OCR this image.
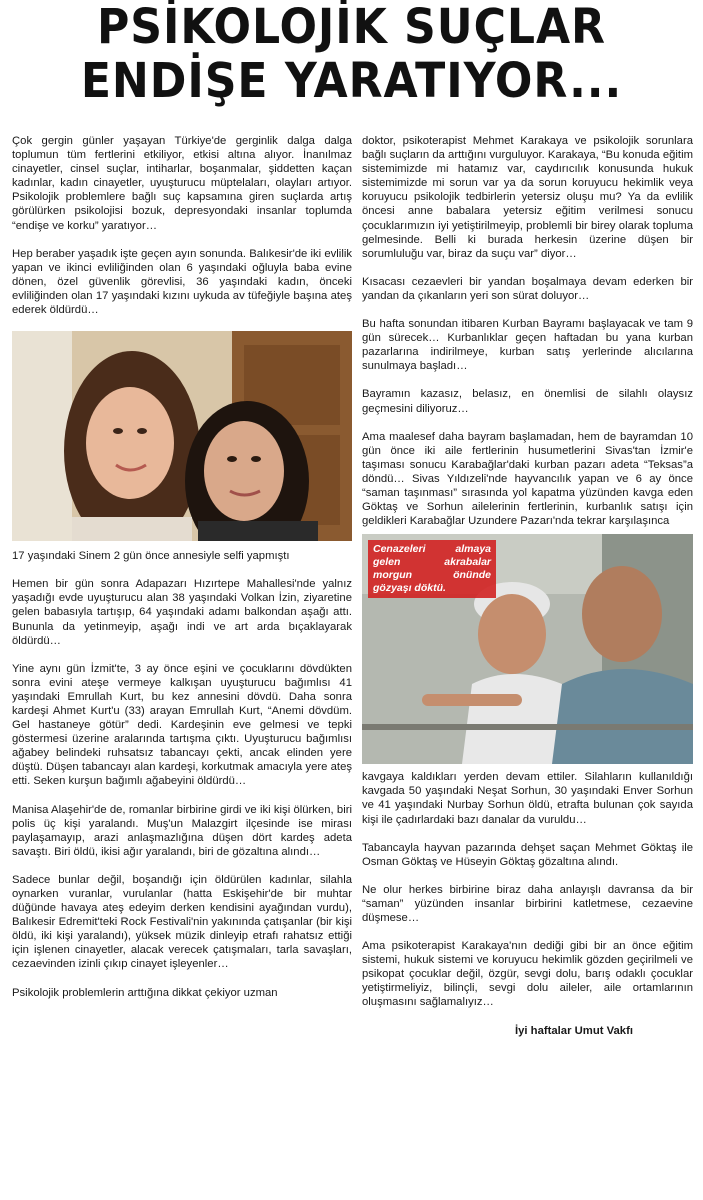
PSİKOLOJİK SUÇLAR
ENDİŞE YARATIYOR...

Çok gergin günler yaşayan Türkiye'de gerginlik dalga dalga toplumun tüm fertlerini etkiliyor, etkisi altına alıyor. İnanılmaz cinayetler, cinsel suçlar, intiharlar, boşanmalar, şiddetten kaçan kadınlar, kadın cinayetler, uyuşturucu müptelaları, olayları artıyor. Psikolojik problemlere bağlı suç kapsamına giren suçlarda artış görülürken psikolojisi bozuk, depresyondaki insanlar toplumda “endişe ve korku” yaratıyor…

Hep beraber yaşadık işte geçen ayın sonunda. Balıkesir'de iki evlilik yapan ve ikinci evliliğinden olan 6 yaşındaki oğluyla baba evine dönen, özel güvenlik görevlisi, 36 yaşındaki kadın, önceki evliliğinden olan 17 yaşındaki kızını uykuda av tüfeğiyle başına ateş ederek öldürdü…

17 yaşındaki Sinem 2 gün önce annesiyle selfi yapmıştı

Hemen bir gün sonra Adapazarı Hızırtepe Mahallesi'nde yalnız yaşadığı evde uyuşturucu alan 38 yaşındaki Volkan İzin, ziyaretine gelen babasıyla tartışıp, 64 yaşındaki adamı balkondan aşağı attı. Bununla da yetinmeyip, aşağı indi ve art arda bıçaklayarak öldürdü…

Yine aynı gün İzmit'te, 3 ay önce eşini ve çocuklarını dövdükten sonra evini ateşe vermeye kalkışan uyuşturucu bağımlısı 41 yaşındaki Emrullah Kurt, bu kez annesini dövdü. Daha sonra kardeşi Ahmet Kurt'u (33) arayan Emrullah Kurt, “Anemi dövdüm. Gel hastaneye götür” dedi. Kardeşinin eve gelmesi ve tepki göstermesi üzerine aralarında tartışma çıktı. Uyuşturucu bağımlısı ağabey belindeki ruhsatsız tabancayı çekti, ancak elinden yere düştü. Düşen tabancayı alan kardeşi, korkutmak amacıyla yere ateş etti. Seken kurşun bağımlı ağabeyini öldürdü…

Manisa Alaşehir'de de, romanlar birbirine girdi ve iki kişi ölürken, biri polis üç kişi yaralandı. Muş'un Malazgirt ilçesinde ise mirası paylaşamayıp, arazi anlaşmazlığına düşen dört kardeş adeta savaştı. Biri öldü, ikisi ağır yaralandı, biri de gözaltına alındı…

Sadece bunlar değil, boşandığı için öldürülen kadınlar, silahla oynarken vuranlar, vurulanlar (hatta Eskişehir'de bir muhtar düğünde havaya ateş edeyim derken kendisini ayağından vurdu), Balıkesir Edremit'teki Rock Festivali'nin yakınında çatışanlar (bir kişi öldü, iki kişi yaralandı), yüksek müzik dinleyip etrafı rahatsız ettiği için işlenen cinayetler, alacak verecek çatışmaları, tarla savaşları, cezaevinden izinli çıkıp cinayet işleyenler…

Psikolojik problemlerin arttığına dikkat çekiyor uzman

doktor, psikoterapist Mehmet Karakaya ve psikolojik sorunlara bağlı suçların da arttığını vurguluyor. Karakaya, “Bu konuda eğitim sistemimizde mi hatamız var, caydırıcılık konusunda hukuk sistemimizde mi sorun var ya da sorun koruyucu hekimlik veya koruyucu psikolojik tedbirlerin yetersiz oluşu mu? Ya da evlilik öncesi anne babalara yetersiz eğitim verilmesi sonucu çocuklarımızın iyi yetiştirilmeyip, problemli bir birey olarak topluma gelmesinde. Belli ki burada herkesin üzerine düşen bir sorumluluğu var, biraz da suçu var” diyor…

Kısacası cezaevleri bir yandan boşalmaya devam ederken bir yandan da çıkanların yeri son sürat doluyor…

Bu hafta sonundan itibaren Kurban Bayramı başlayacak ve tam 9 gün sürecek… Kurbanlıklar geçen haftadan bu yana kurban pazarlarına indirilmeye, kurban satış yerlerinde alıcılarına sunulmaya başladı…

Bayramın kazasız, belasız, en önemlisi de silahlı olaysız geçmesini diliyoruz…

Ama maalesef daha bayram başlamadan, hem de bayramdan 10 gün önce iki aile fertlerinin husumetlerini Sivas'tan İzmir'e taşıması sonucu Karabağlar'daki kurban pazarı adeta “Teksas”a döndü… Sivas Yıldızeli'nde hayvancılık yapan ve 6 ay önce “saman taşınması” sırasında yol kapatma yüzünden kavga eden Göktaş ve Sorhun ailelerinin fertlerinin, kurbanlık satışı için geldikleri Karabağlar Uzundere Pazarı'nda tekrar karşılaşınca

Cenazeleri almaya gelen akrabalar morgun önünde gözyaşı döktü.

kavgaya kaldıkları yerden devam ettiler. Silahların kullanıldığı kavgada 50 yaşındaki Neşat Sorhun, 30 yaşındaki Enver Sorhun ve 41 yaşındaki Nurbay Sorhun öldü, etrafta bulunan çok sayıda kişi ile çadırlardaki bazı danalar da vuruldu…

Tabancayla hayvan pazarında dehşet saçan Mehmet Göktaş ile Osman Göktaş ve Hüseyin Göktaş gözaltına alındı.

Ne olur herkes birbirine biraz daha anlayışlı davransa da bir “saman” yüzünden insanlar birbirini katletmese, cezaevine düşmese…

Ama psikoterapist Karakaya'nın dediği gibi bir an önce eğitim sistemi, hukuk sistemi ve koruyucu hekimlik gözden geçirilmeli ve psikopat çocuklar değil, özgür, sevgi dolu, barış odaklı çocuklar yetiştirmeliyiz, bilinçli, sevgi dolu aileler, aile ortamlarının oluşmasını sağlamalıyız…

İyi haftalar Umut Vakfı
